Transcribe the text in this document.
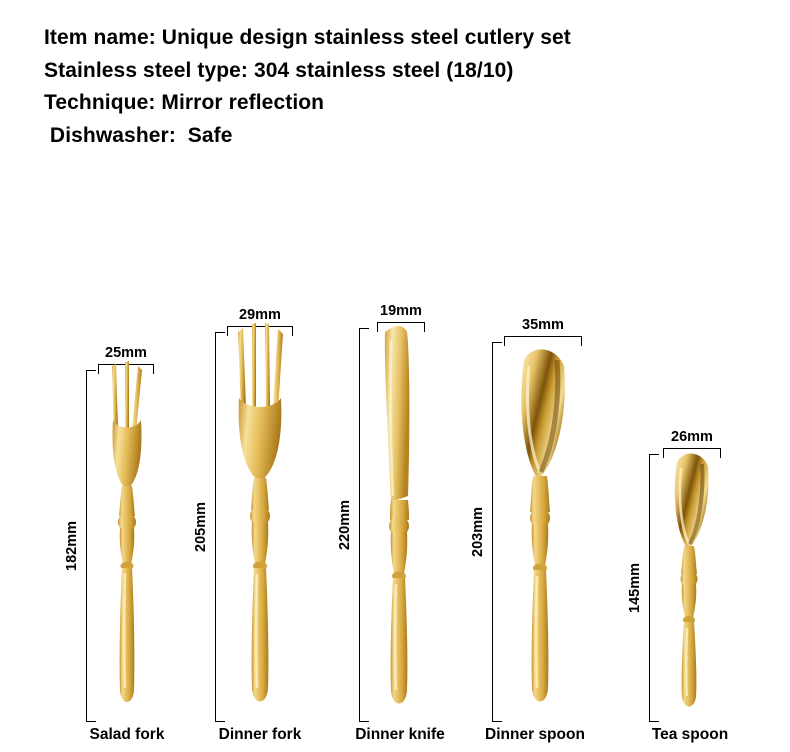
Item name: Unique design stainless steel cutlery set
Stainless steel type: 304 stainless steel (18/10)
Technique: Mirror reflection
Dishwasher:  Safe
25mm
182mm
Salad fork
29mm
205mm
Dinner fork
19mm
220mm
Dinner knife
35mm
203mm
Dinner spoon
26mm
145mm
Tea spoon
